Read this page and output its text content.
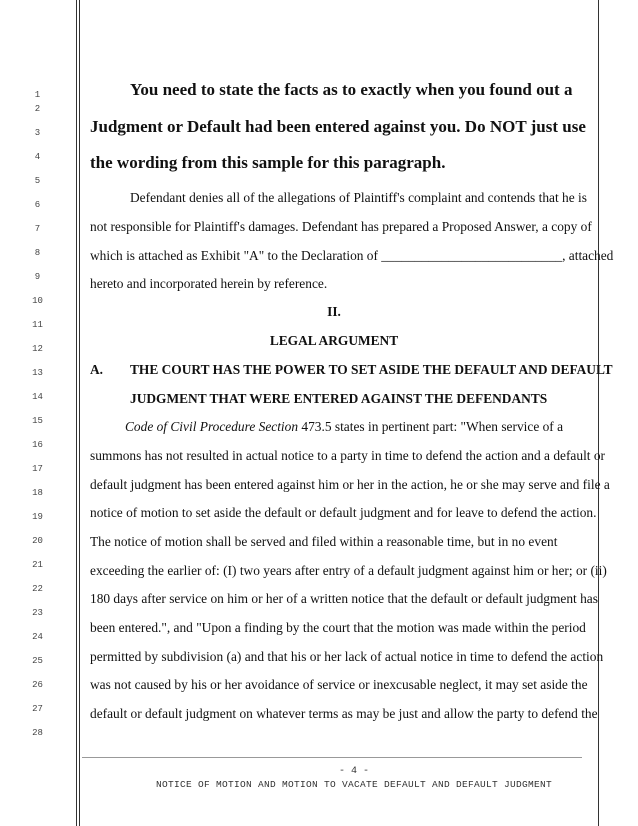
1
2
3
4
5
6
7
8
9
10
11
12
13
14
15
16
17
18
19
20
21
22
23
24
25
26
27
28
You need to state the facts as to exactly when you found out a
Judgment or Default had been entered against you. Do NOT just use
the wording from this sample for this paragraph.
Defendant denies all of the allegations of Plaintiff's complaint and contends that he is
not responsible for Plaintiff's damages. Defendant has prepared a Proposed Answer, a copy of
which is attached as Exhibit "A" to the Declaration of ___________________________, attached
hereto and incorporated herein by reference.
II.
LEGAL ARGUMENT
A. THE COURT HAS THE POWER TO SET ASIDE THE DEFAULT AND DEFAULT
JUDGMENT THAT WERE ENTERED AGAINST THE DEFENDANTS
Code of Civil Procedure Section 473.5 states in pertinent part: "When service of a
summons has not resulted in actual notice to a party in time to defend the action and a default or
default judgment has been entered against him or her in the action, he or she may serve and file a
notice of motion to set aside the default or default judgment and for leave to defend the action.
The notice of motion shall be served and filed within a reasonable time, but in no event
exceeding the earlier of: (I) two years after entry of a default judgment against him or her; or (ii)
180 days after service on him or her of a written notice that the default or default judgment has
been entered.", and "Upon a finding by the court that the motion was made within the period
permitted by subdivision (a) and that his or her lack of actual notice in time to defend the action
was not caused by his or her avoidance of service or inexcusable neglect, it may set aside the
default or default judgment on whatever terms as may be just and allow the party to defend the
- 4 -
NOTICE OF MOTION AND MOTION TO VACATE DEFAULT AND DEFAULT JUDGMENT
